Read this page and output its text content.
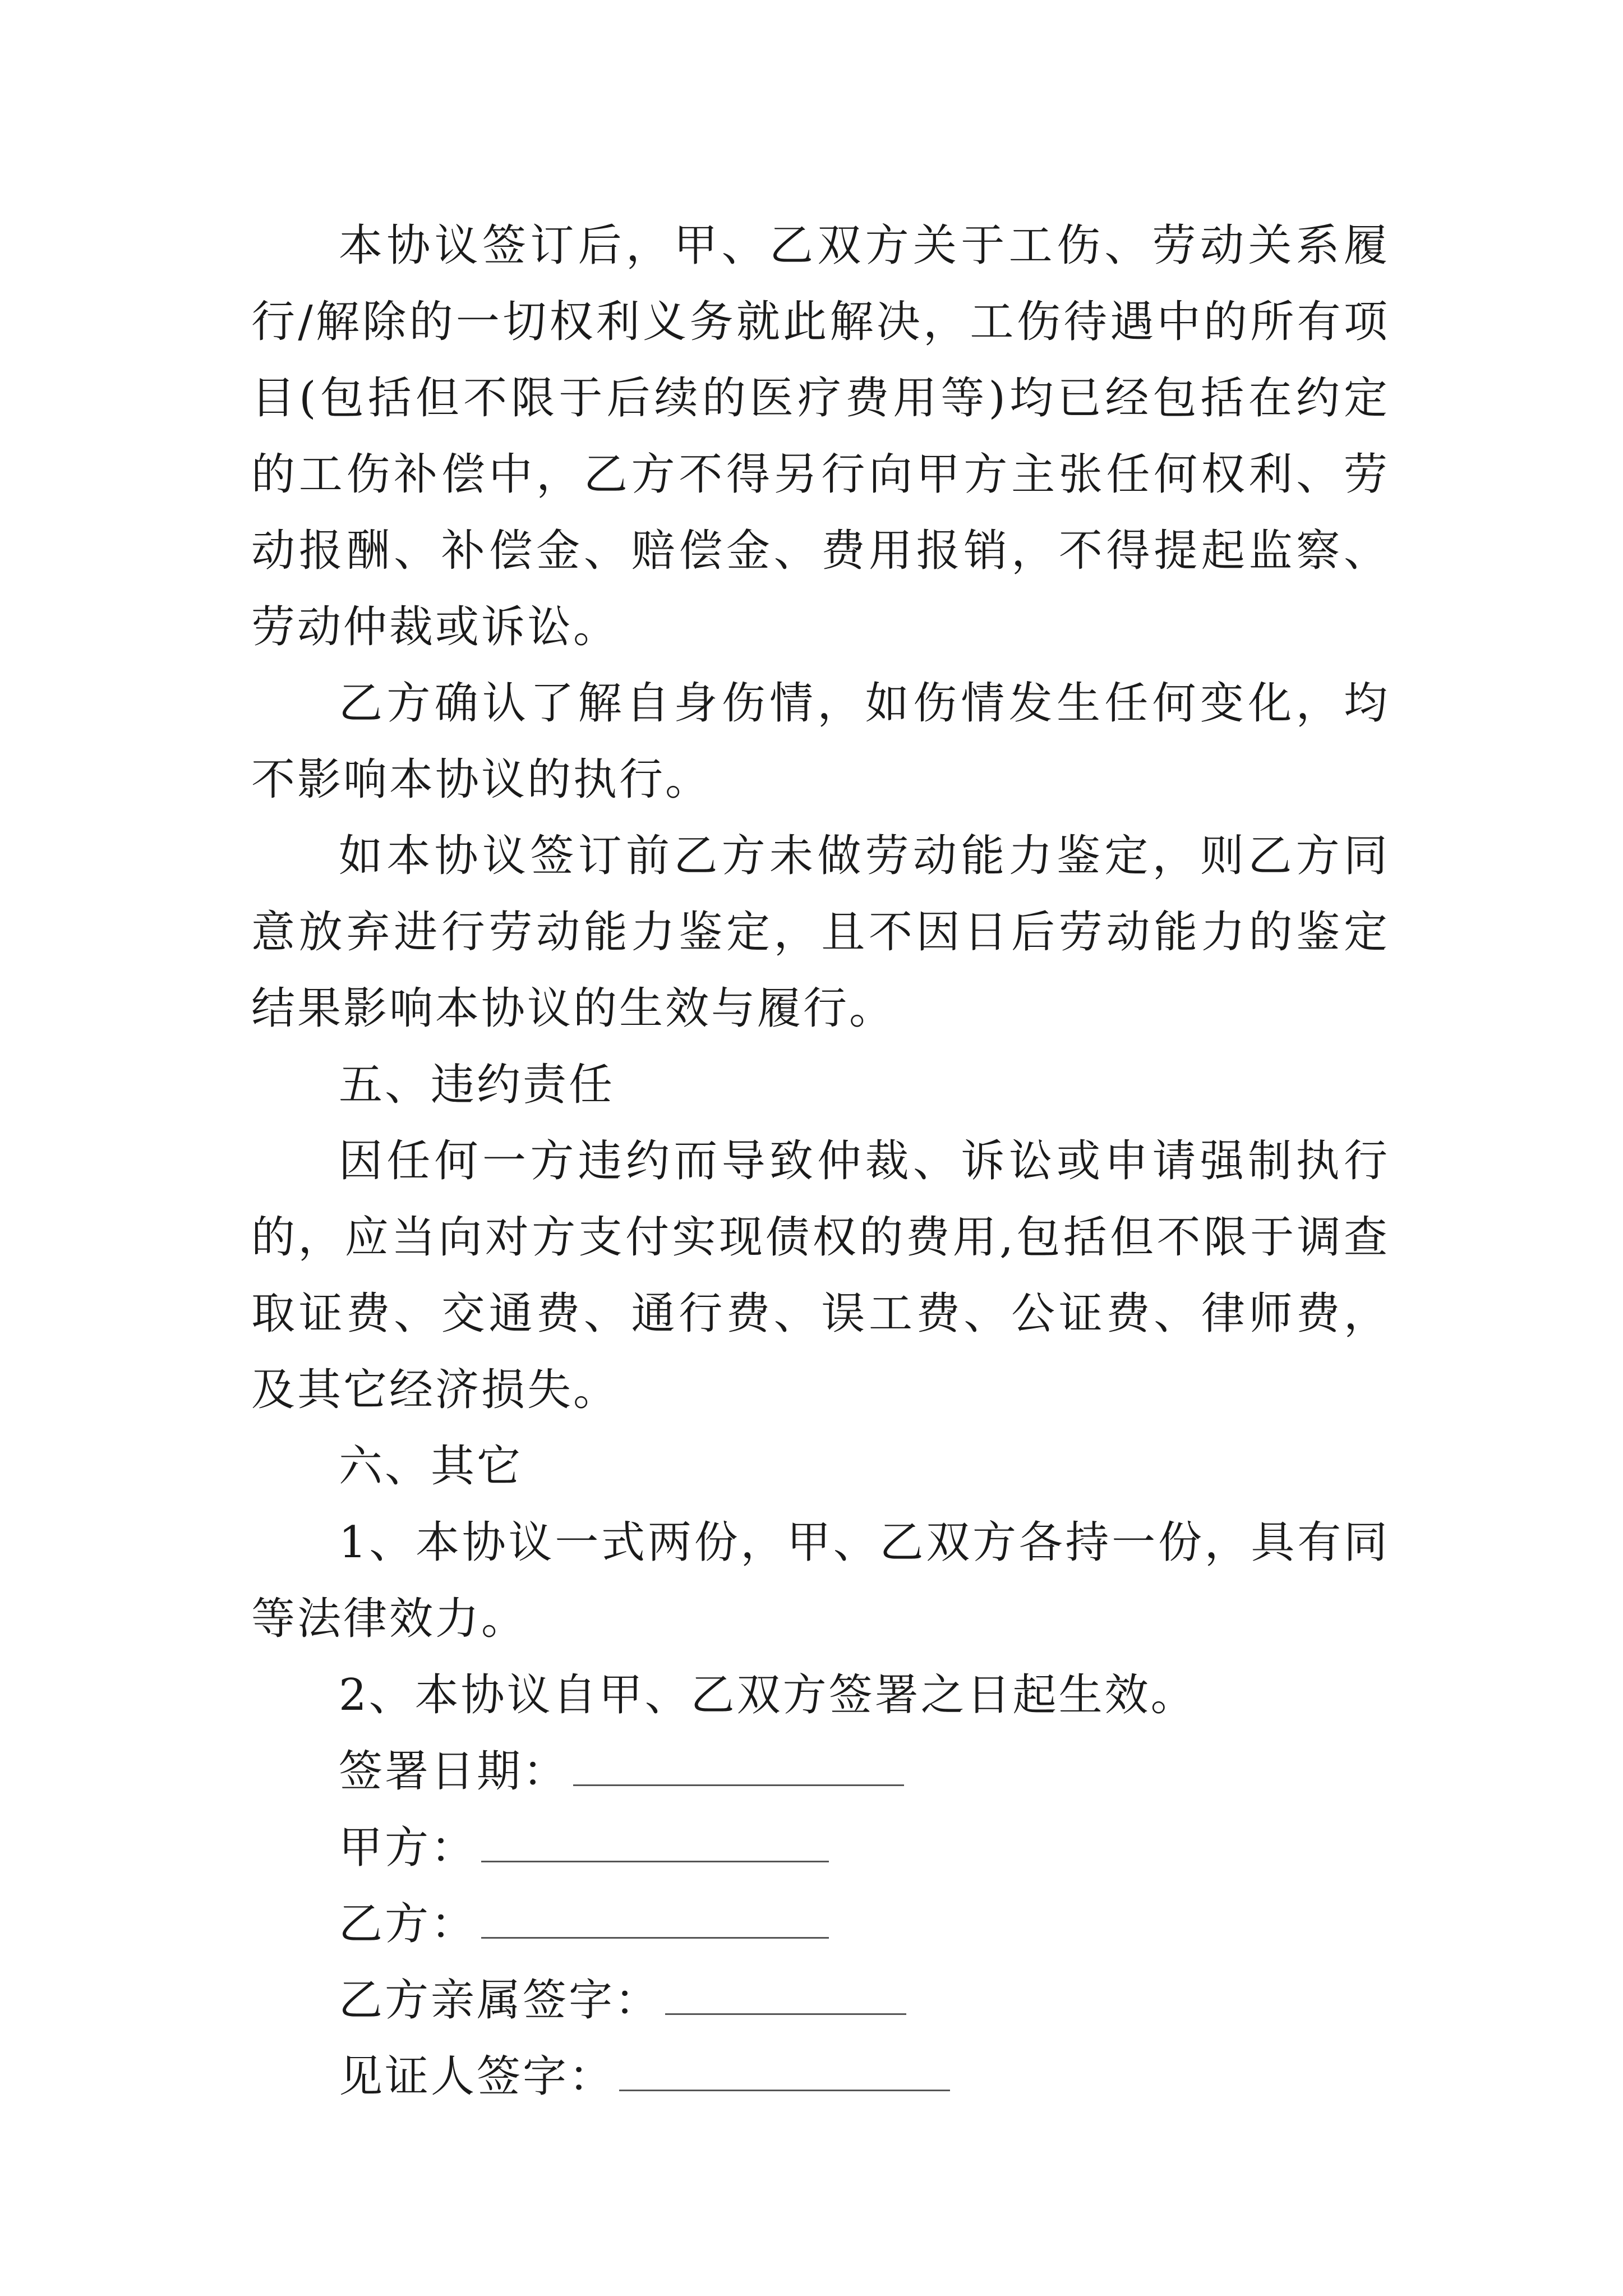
本协议签订后，甲、乙双方关于工伤、劳动关系履行/解除的一切权利义务就此解决，工伤待遇中的所有项目(包括但不限于后续的医疗费用等)均已经包括在约定的工伤补偿中，乙方不得另行向甲方主张任何权利、劳动报酬、补偿金、赔偿金、费用报销，不得提起监察、劳动仲裁或诉讼。

乙方确认了解自身伤情，如伤情发生任何变化，均不影响本协议的执行。

如本协议签订前乙方未做劳动能力鉴定，则乙方同意放弃进行劳动能力鉴定，且不因日后劳动能力的鉴定结果影响本协议的生效与履行。

五、违约责任

因任何一方违约而导致仲裁、诉讼或申请强制执行的，应当向对方支付实现债权的费用,包括但不限于调查取证费、交通费、通行费、误工费、公证费、律师费，及其它经济损失。

六、其它

1、本协议一式两份，甲、乙双方各持一份，具有同等法律效力。

2、本协议自甲、乙双方签署之日起生效。

签署日期：
甲方：
乙方：
乙方亲属签字：
见证人签字：
